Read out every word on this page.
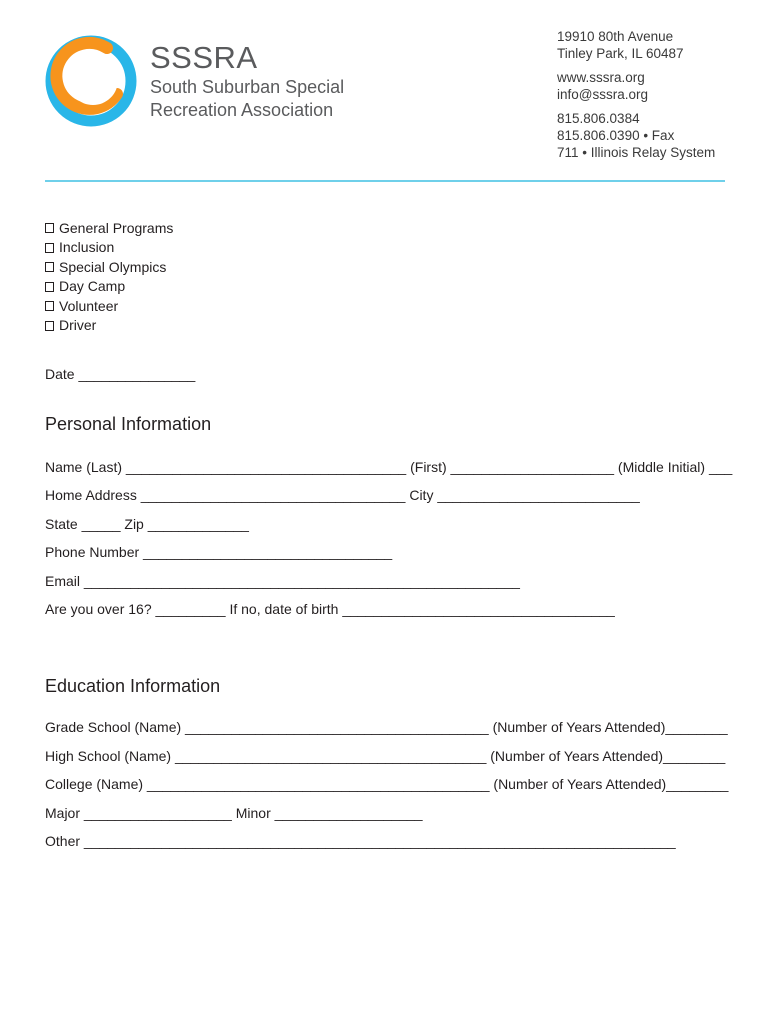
SSSRA
South Suburban Special
Recreation Association
19910 80th Avenue
Tinley Park, IL 60487
www.sssra.org
info@sssra.org
815.806.0384
815.806.0390 • Fax
711 • Illinois Relay System
General Programs
Inclusion
Special Olympics
Day Camp
Volunteer
Driver
Date _______________
Personal Information
Name (Last) ____________________________________ (First) _____________________ (Middle Initial) ___
Home Address __________________________________ City __________________________
State _____ Zip _____________
Phone Number ________________________________
Email ________________________________________________________
Are you over 16? _________ If no, date of birth ___________________________________
Education Information
Grade School (Name) _______________________________________ (Number of Years Attended)________
High School (Name) ________________________________________ (Number of Years Attended)________
College (Name) ____________________________________________ (Number of Years Attended)________
Major ___________________ Minor ___________________
Other ____________________________________________________________________________
